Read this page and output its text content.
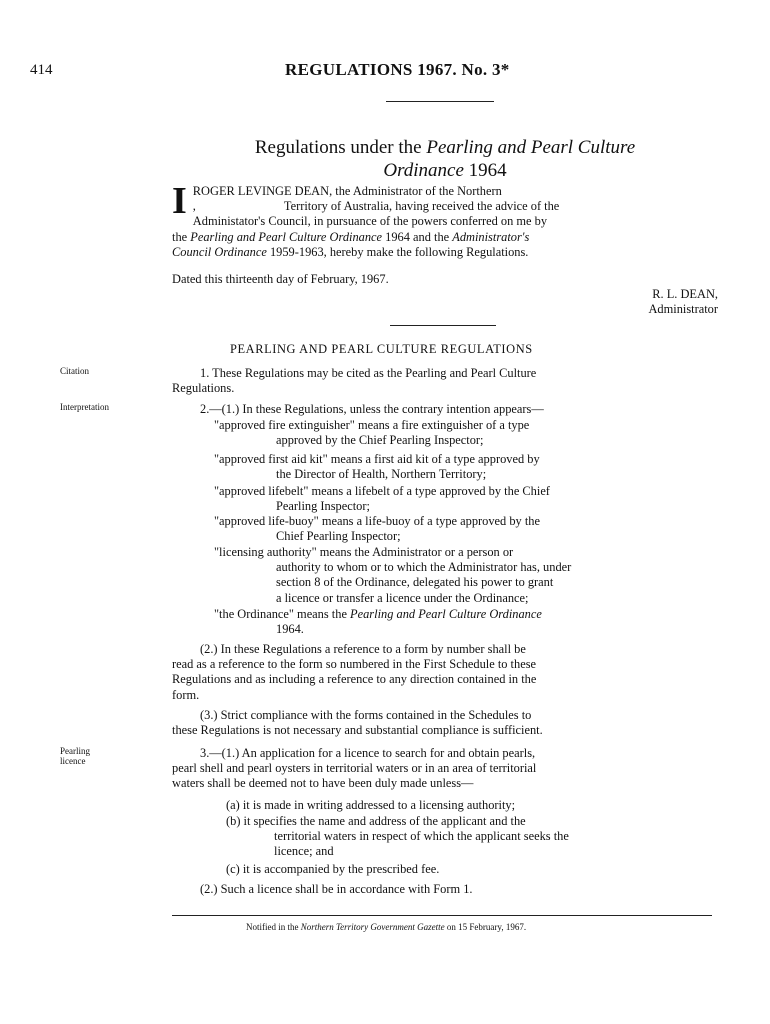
414	REGULATIONS 1967. No. 3*
Regulations under the Pearling and Pearl Culture
Ordinance 1964
I ROGER LEVINGE DEAN, the Administrator of the Northern
,	Territory of Australia, having received the advice of the
Administator's Council, in pursuance of the powers conferred on me by
the Pearling and Pearl Culture Ordinance 1964 and the Administrator's
Council Ordinance 1959-1963, hereby make the following Regulations.
Dated this thirteenth day of February, 1967.
R. L. DEAN,
Administrator
PEARLING AND PEARL CULTURE REGULATIONS
Citation	1. These Regulations may be cited as the Pearling and Pearl Culture
Regulations.
Interpretation	2.—(1.) In these Regulations, unless the contrary intention appears—
"approved fire extinguisher" means a fire extinguisher of a type
approved by the Chief Pearling Inspector;
"approved first aid kit" means a first aid kit of a type approved by
the Director of Health, Northern Territory;
"approved lifebelt" means a lifebelt of a type approved by the Chief
Pearling Inspector;
"approved life-buoy" means a life-buoy of a type approved by the
Chief Pearling Inspector;
"licensing authority" means the Administrator or a person or
authority to whom or to which the Administrator has, under
section 8 of the Ordinance, delegated his power to grant
a licence or transfer a licence under the Ordinance;
"the Ordinance" means the Pearling and Pearl Culture Ordinance
1964.
(2.) In these Regulations a reference to a form by number shall be
read as a reference to the form so numbered in the First Schedule to these
Regulations and as including a reference to any direction contained in the
form.
(3.) Strict compliance with the forms contained in the Schedules to
these Regulations is not necessary and substantial compliance is sufficient.
Pearling
licence
3.—(1.) An application for a licence to search for and obtain pearls,
pearl shell and pearl oysters in territorial waters or in an area of territorial
waters shall be deemed not to have been duly made unless—
(a) it is made in writing addressed to a licensing authority;
(b) it specifies the name and address of the applicant and the
territorial waters in respect of which the applicant seeks the
licence; and
(c) it is accompanied by the prescribed fee.
(2.) Such a licence shall be in accordance with Form 1.
Notified in the Northern Territory Government Gazette on 15 February, 1967.
